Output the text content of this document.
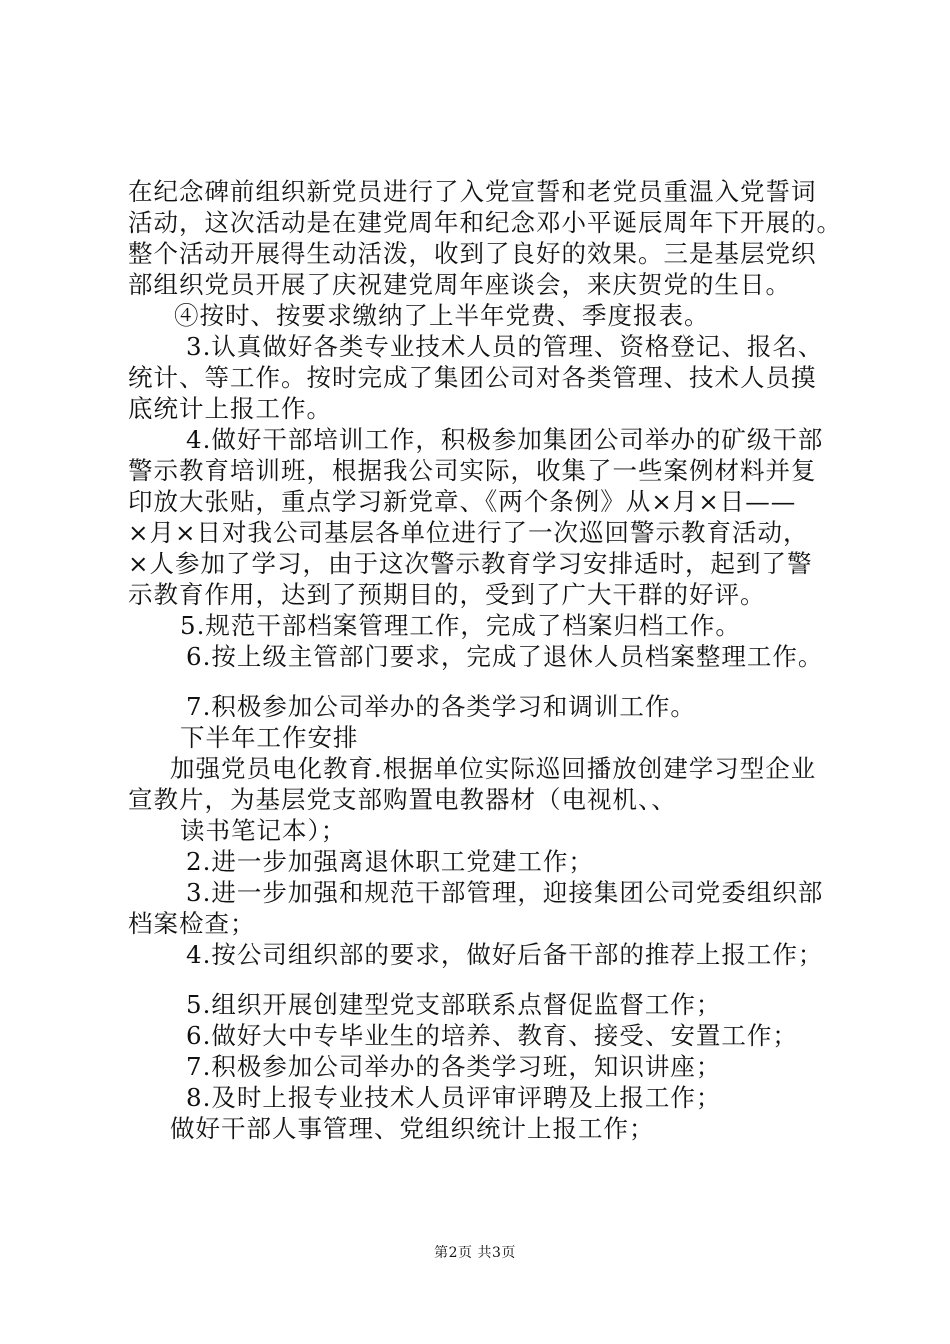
在纪念碑前组织新党员进行了入党宣誓和老党员重温入党誓词
活动，这次活动是在建党周年和纪念邓小平诞辰周年下开展的。
整个活动开展得生动活泼，收到了良好的效果。三是基层党织
部组织党员开展了庆祝建党周年座谈会，来庆贺党的生日。
④按时、按要求缴纳了上半年党费、季度报表。
3.认真做好各类专业技术人员的管理、资格登记、报名、
统计、等工作。按时完成了集团公司对各类管理、技术人员摸
底统计上报工作。
4.做好干部培训工作，积极参加集团公司举办的矿级干部
警示教育培训班，根据我公司实际，收集了一些案例材料并复
印放大张贴，重点学习新党章、《两个条例》从×月×日——
×月×日对我公司基层各单位进行了一次巡回警示教育活动，
×人参加了学习，由于这次警示教育学习安排适时，起到了警
示教育作用，达到了预期目的，受到了广大干群的好评。
5.规范干部档案管理工作，完成了档案归档工作。
6.按上级主管部门要求，完成了退休人员档案整理工作。
7.积极参加公司举办的各类学习和调训工作。
下半年工作安排
加强党员电化教育.根据单位实际巡回播放创建学习型企业
宣教片，为基层党支部购置电教器材（电视机、、
读书笔记本）；
2.进一步加强离退休职工党建工作；
3.进一步加强和规范干部管理，迎接集团公司党委组织部
档案检查；
4.按公司组织部的要求，做好后备干部的推荐上报工作；
5.组织开展创建型党支部联系点督促监督工作；
6.做好大中专毕业生的培养、教育、接受、安置工作；
7.积极参加公司举办的各类学习班，知识讲座；
8.及时上报专业技术人员评审评聘及上报工作；
做好干部人事管理、党组织统计上报工作；
第2页 共3页
